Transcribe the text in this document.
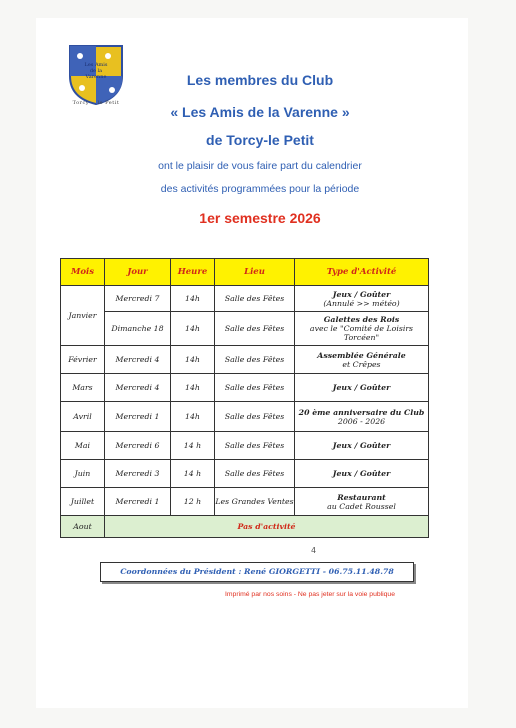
Les Amis
de la
Varenne
Torcy le Petit
Les membres du Club
« Les Amis de la Varenne »
de Torcy-le Petit
ont le plaisir de vous faire part du calendrier
des activités programmées pour la période
1er semestre 2026
Mois	Jour	Heure	Lieu	Type d'Activité
Janvier	Mercredi 7	14h	Salle des Fêtes	Jeux / Goûter
(Annulé >> météo)

	Dimanche 18	14h	Salle des Fêtes	Galettes des Rois
avec le "Comité de Loisirs Torcéen"

Février	Mercredi 4	14h	Salle des Fêtes	Assemblée Générale
et Crêpes

Mars	Mercredi 4	14h	Salle des Fêtes	Jeux / Goûter
Avril	Mercredi 1	14h	Salle des Fêtes	20 ème anniversaire du Club
2006 - 2026

Mai	Mercredi 6	14 h	Salle des Fêtes	Jeux / Goûter
Juin	Mercredi 3	14 h	Salle des Fêtes	Jeux / Goûter
Juillet	Mercredi 1	12 h	Les Grandes Ventes	Restaurant
au Cadet Roussel

Aout	Pas d'activité			
4
Coordonnées du Président : René GIORGETTI - 06.75.11.48.78
Imprimé par nos soins - Ne pas jeter sur la voie publique
